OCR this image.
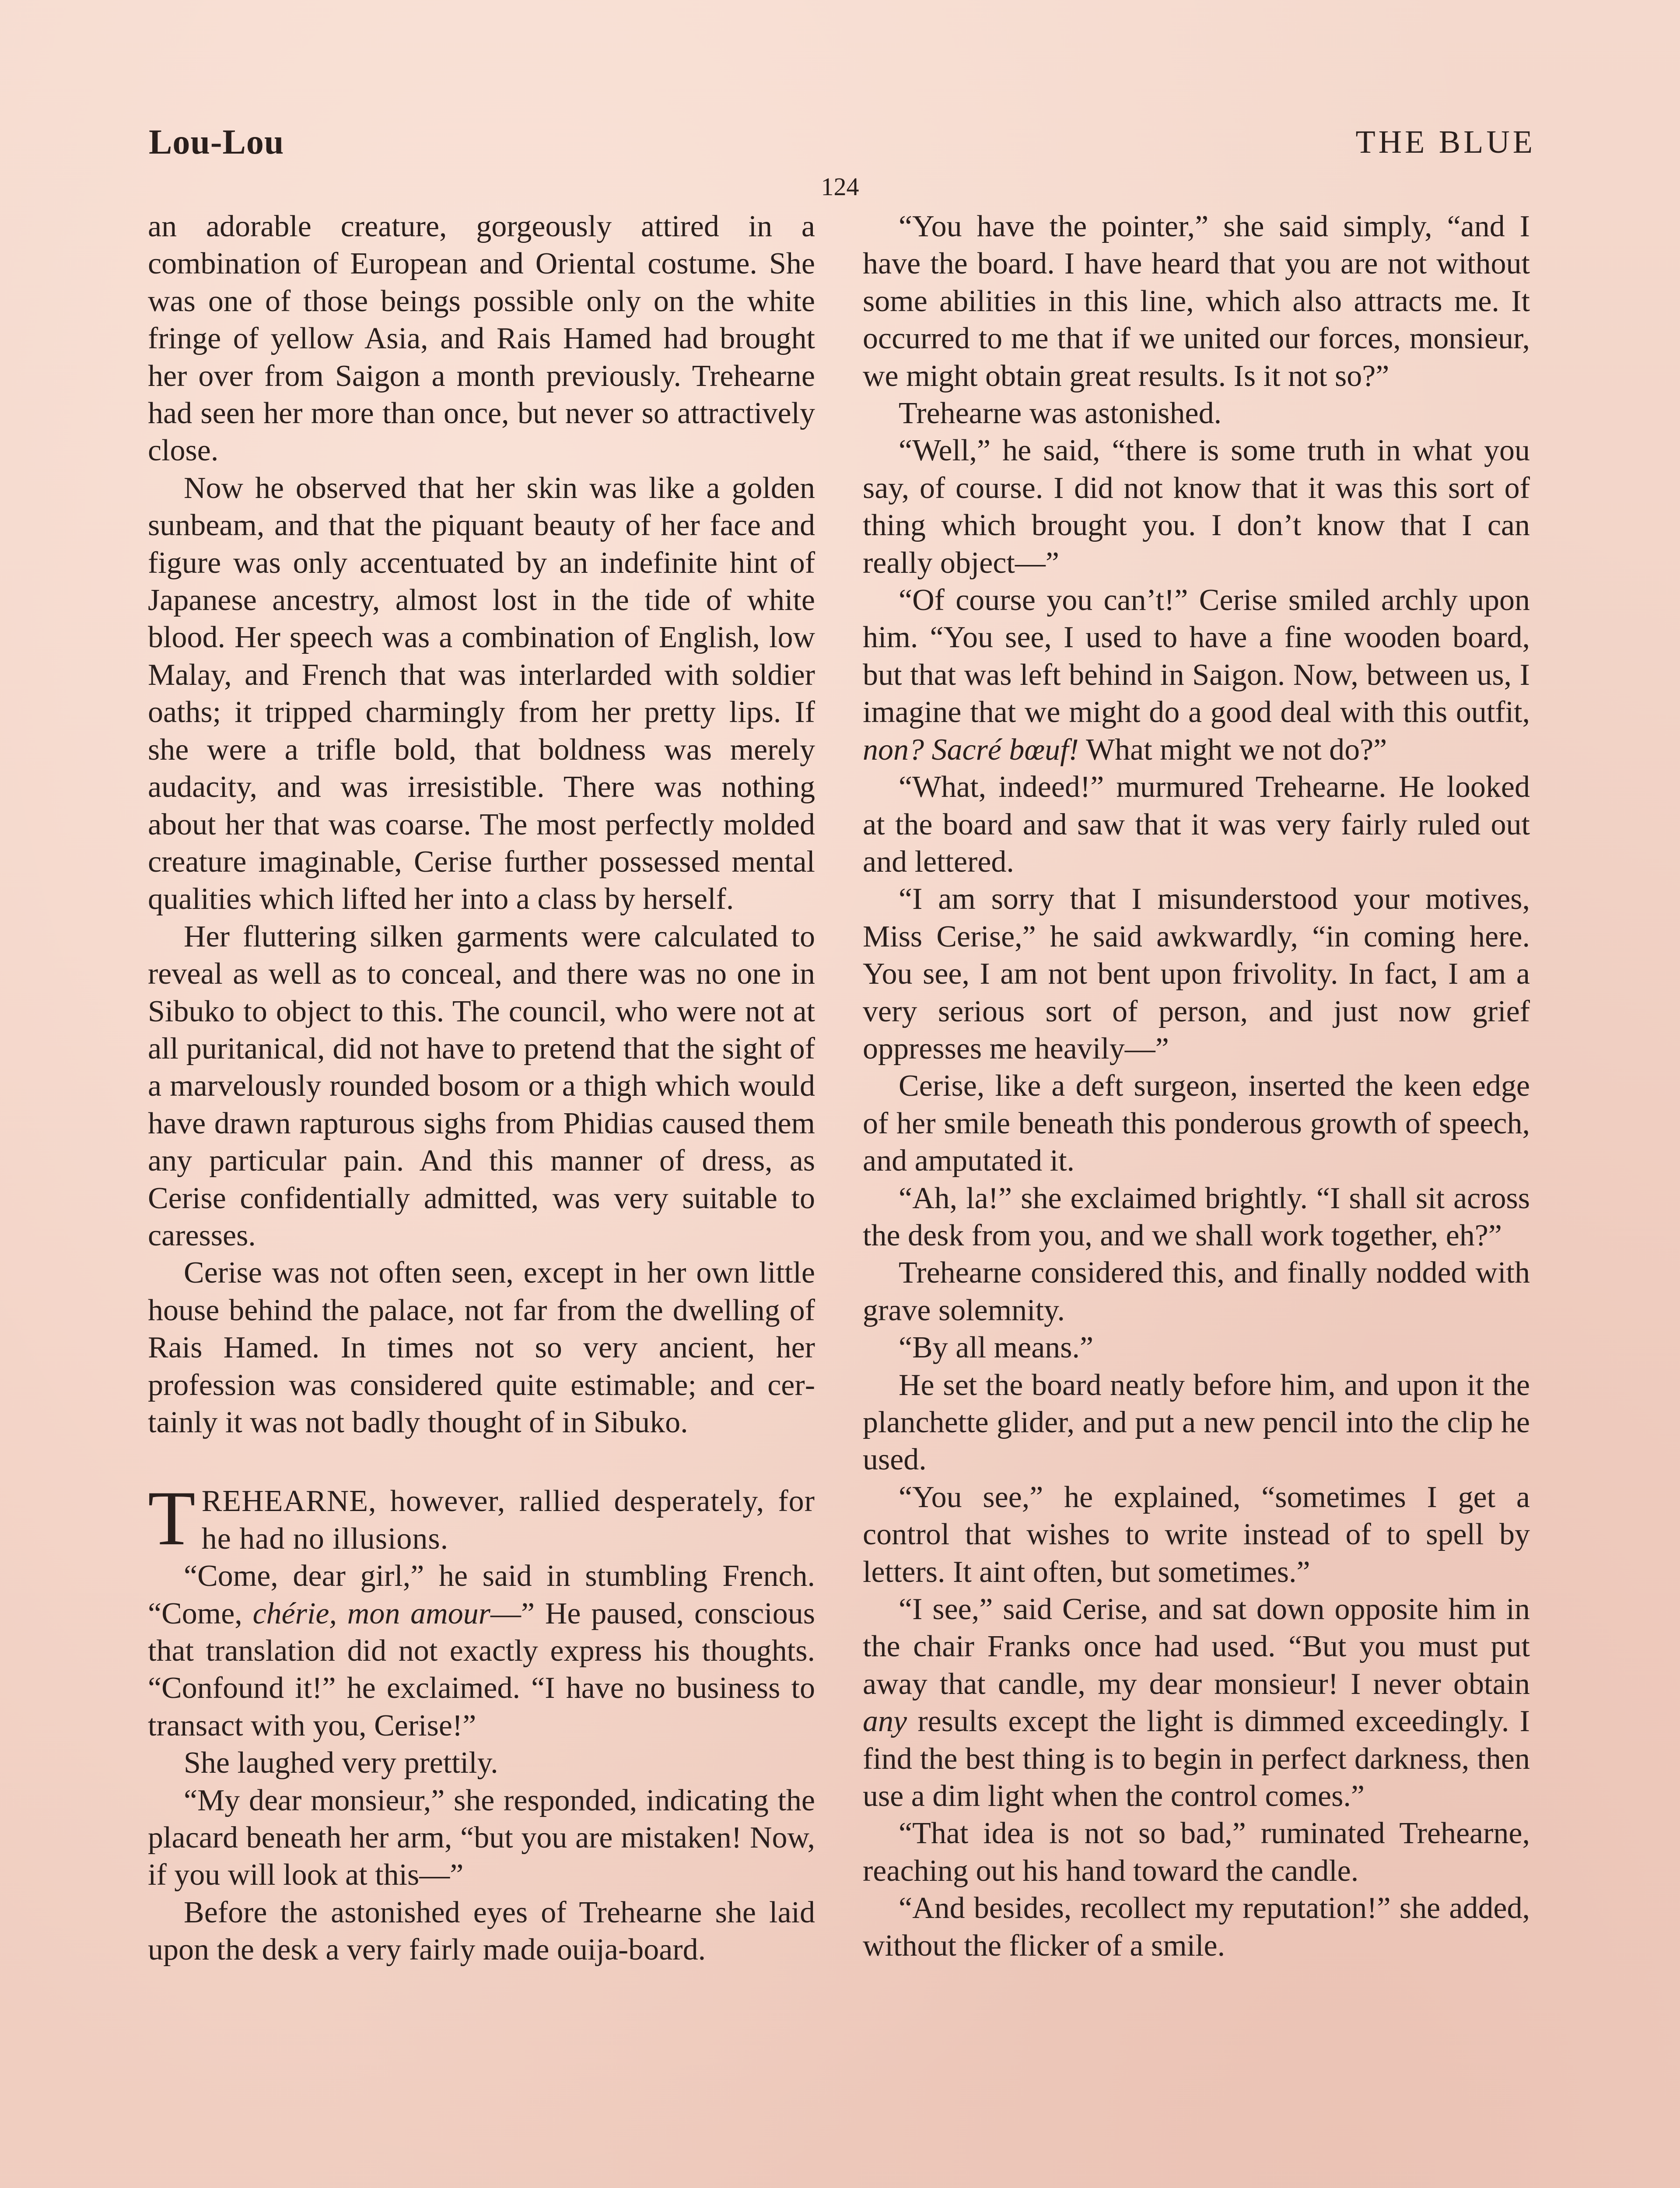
Lou-Lou	THE BLUE
124

an adorable creature, gorgeously attired in a combination of European and Oriental costume. She was one of those beings possible only on the white fringe of yellow Asia, and Rais Hamed had brought her over from Saigon a month previously. Trehearne had seen her more than once, but never so attractively close.

Now he observed that her skin was like a golden sunbeam, and that the piquant beauty of her face and figure was only accentuated by an indefinite hint of Japanese ancestry, almost lost in the tide of white blood. Her speech was a combination of English, low Malay, and French that was interlarded with soldier oaths; it tripped charmingly from her pretty lips. If she were a trifle bold, that boldness was merely audacity, and was irresistible. There was nothing about her that was coarse. The most perfectly molded creature imaginable, Cerise further possessed mental qualities which lifted her into a class by herself.

Her fluttering silken garments were calculated to reveal as well as to conceal, and there was no one in Sibuko to object to this. The council, who were not at all puritanical, did not have to pretend that the sight of a marvelously rounded bosom or a thigh which would have drawn rapturous sighs from Phidias caused them any particular pain. And this manner of dress, as Cerise confidentially admitted, was very suitable to caresses.

Cerise was not often seen, except in her own little house behind the palace, not far from the dwelling of Rais Hamed. In times not so very ancient, her profession was considered quite estimable; and certainly it was not badly thought of in Sibuko.

TREHEARNE, however, rallied desperately, for he had no illusions.

“Come, dear girl,” he said in stumbling French. “Come, chérie, mon amour—” He paused, conscious that translation did not exactly express his thoughts. “Confound it!” he exclaimed. “I have no business to transact with you, Cerise!”

She laughed very prettily.

“My dear monsieur,” she responded, indicating the placard beneath her arm, “but you are mistaken! Now, if you will look at this—”

Before the astonished eyes of Trehearne she laid upon the desk a very fairly made ouija-board.

“You have the pointer,” she said simply, “and I have the board. I have heard that you are not without some abilities in this line, which also attracts me. It occurred to me that if we united our forces, monsieur, we might obtain great results. Is it not so?”

Trehearne was astonished.

“Well,” he said, “there is some truth in what you say, of course. I did not know that it was this sort of thing which brought you. I don’t know that I can really object—”

“Of course you can’t!” Cerise smiled archly upon him. “You see, I used to have a fine wooden board, but that was left behind in Saigon. Now, between us, I imagine that we might do a good deal with this outfit, non? Sacré bœuf! What might we not do?”

“What, indeed!” murmured Trehearne. He looked at the board and saw that it was very fairly ruled out and lettered.

“I am sorry that I misunderstood your motives, Miss Cerise,” he said awkwardly, “in coming here. You see, I am not bent upon frivolity. In fact, I am a very serious sort of person, and just now grief oppresses me heavily—”

Cerise, like a deft surgeon, inserted the keen edge of her smile beneath this ponderous growth of speech, and amputated it.

“Ah, la!” she exclaimed brightly. “I shall sit across the desk from you, and we shall work together, eh?”

Trehearne considered this, and finally nodded with grave solemnity.

“By all means.”

He set the board neatly before him, and upon it the planchette glider, and put a new pencil into the clip he used.

“You see,” he explained, “sometimes I get a control that wishes to write instead of to spell by letters. It aint often, but sometimes.”

“I see,” said Cerise, and sat down opposite him in the chair Franks once had used. “But you must put away that candle, my dear monsieur! I never obtain any results except the light is dimmed exceedingly. I find the best thing is to begin in perfect darkness, then use a dim light when the control comes.”

“That idea is not so bad,” ruminated Trehearne, reaching out his hand toward the candle.

“And besides, recollect my reputation!” she added, without the flicker of a smile.
